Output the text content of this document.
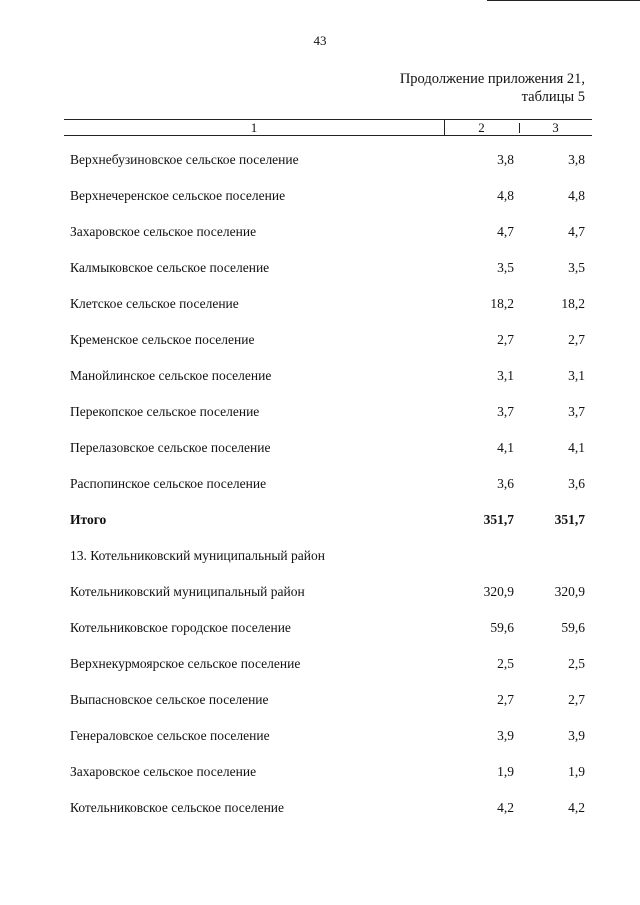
43
Продолжение приложения 21,
таблицы 5
1	2	3
Верхнебузиновское сельское поселение	3,8	3,8
Верхнечеренское сельское поселение	4,8	4,8
Захаровское сельское поселение	4,7	4,7
Калмыковское сельское поселение	3,5	3,5
Клетское сельское поселение	18,2	18,2
Кременское сельское поселение	2,7	2,7
Манойлинское сельское поселение	3,1	3,1
Перекопское сельское поселение	3,7	3,7
Перелазовское сельское поселение	4,1	4,1
Распопинское сельское поселение	3,6	3,6
Итого	351,7	351,7
13. Котельниковский муниципальный район
Котельниковский муниципальный район	320,9	320,9
Котельниковское городское поселение	59,6	59,6
Верхнекурмоярское сельское поселение	2,5	2,5
Выпасновское сельское поселение	2,7	2,7
Генераловское сельское поселение	3,9	3,9
Захаровское сельское поселение	1,9	1,9
Котельниковское сельское поселение	4,2	4,2
